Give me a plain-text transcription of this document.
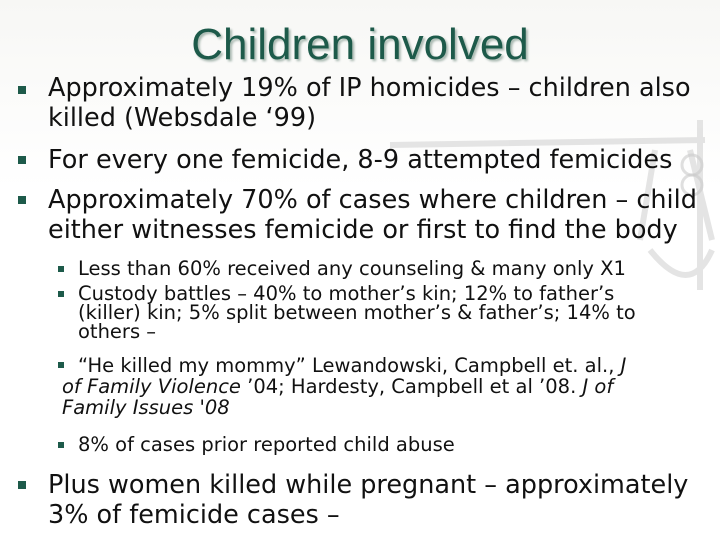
Children involved
Approximately 19% of IP homicides – children also
killed (Websdale ‘99)
For every one femicide, 8-9 attempted femicides
Approximately 70% of cases where children – child
either witnesses femicide or first to find the body
Less than 60% received any counseling & many only X1
Custody battles – 40% to mother’s kin; 12% to father’s
(killer) kin; 5% split between mother’s & father’s; 14% to
others –
“He killed my mommy” Lewandowski, Campbell et. al., J
of Family Violence ’04; Hardesty, Campbell et al ’08. J of
Family Issues '08
8% of cases prior reported child abuse
Plus women killed while pregnant – approximately
3% of femicide cases –
